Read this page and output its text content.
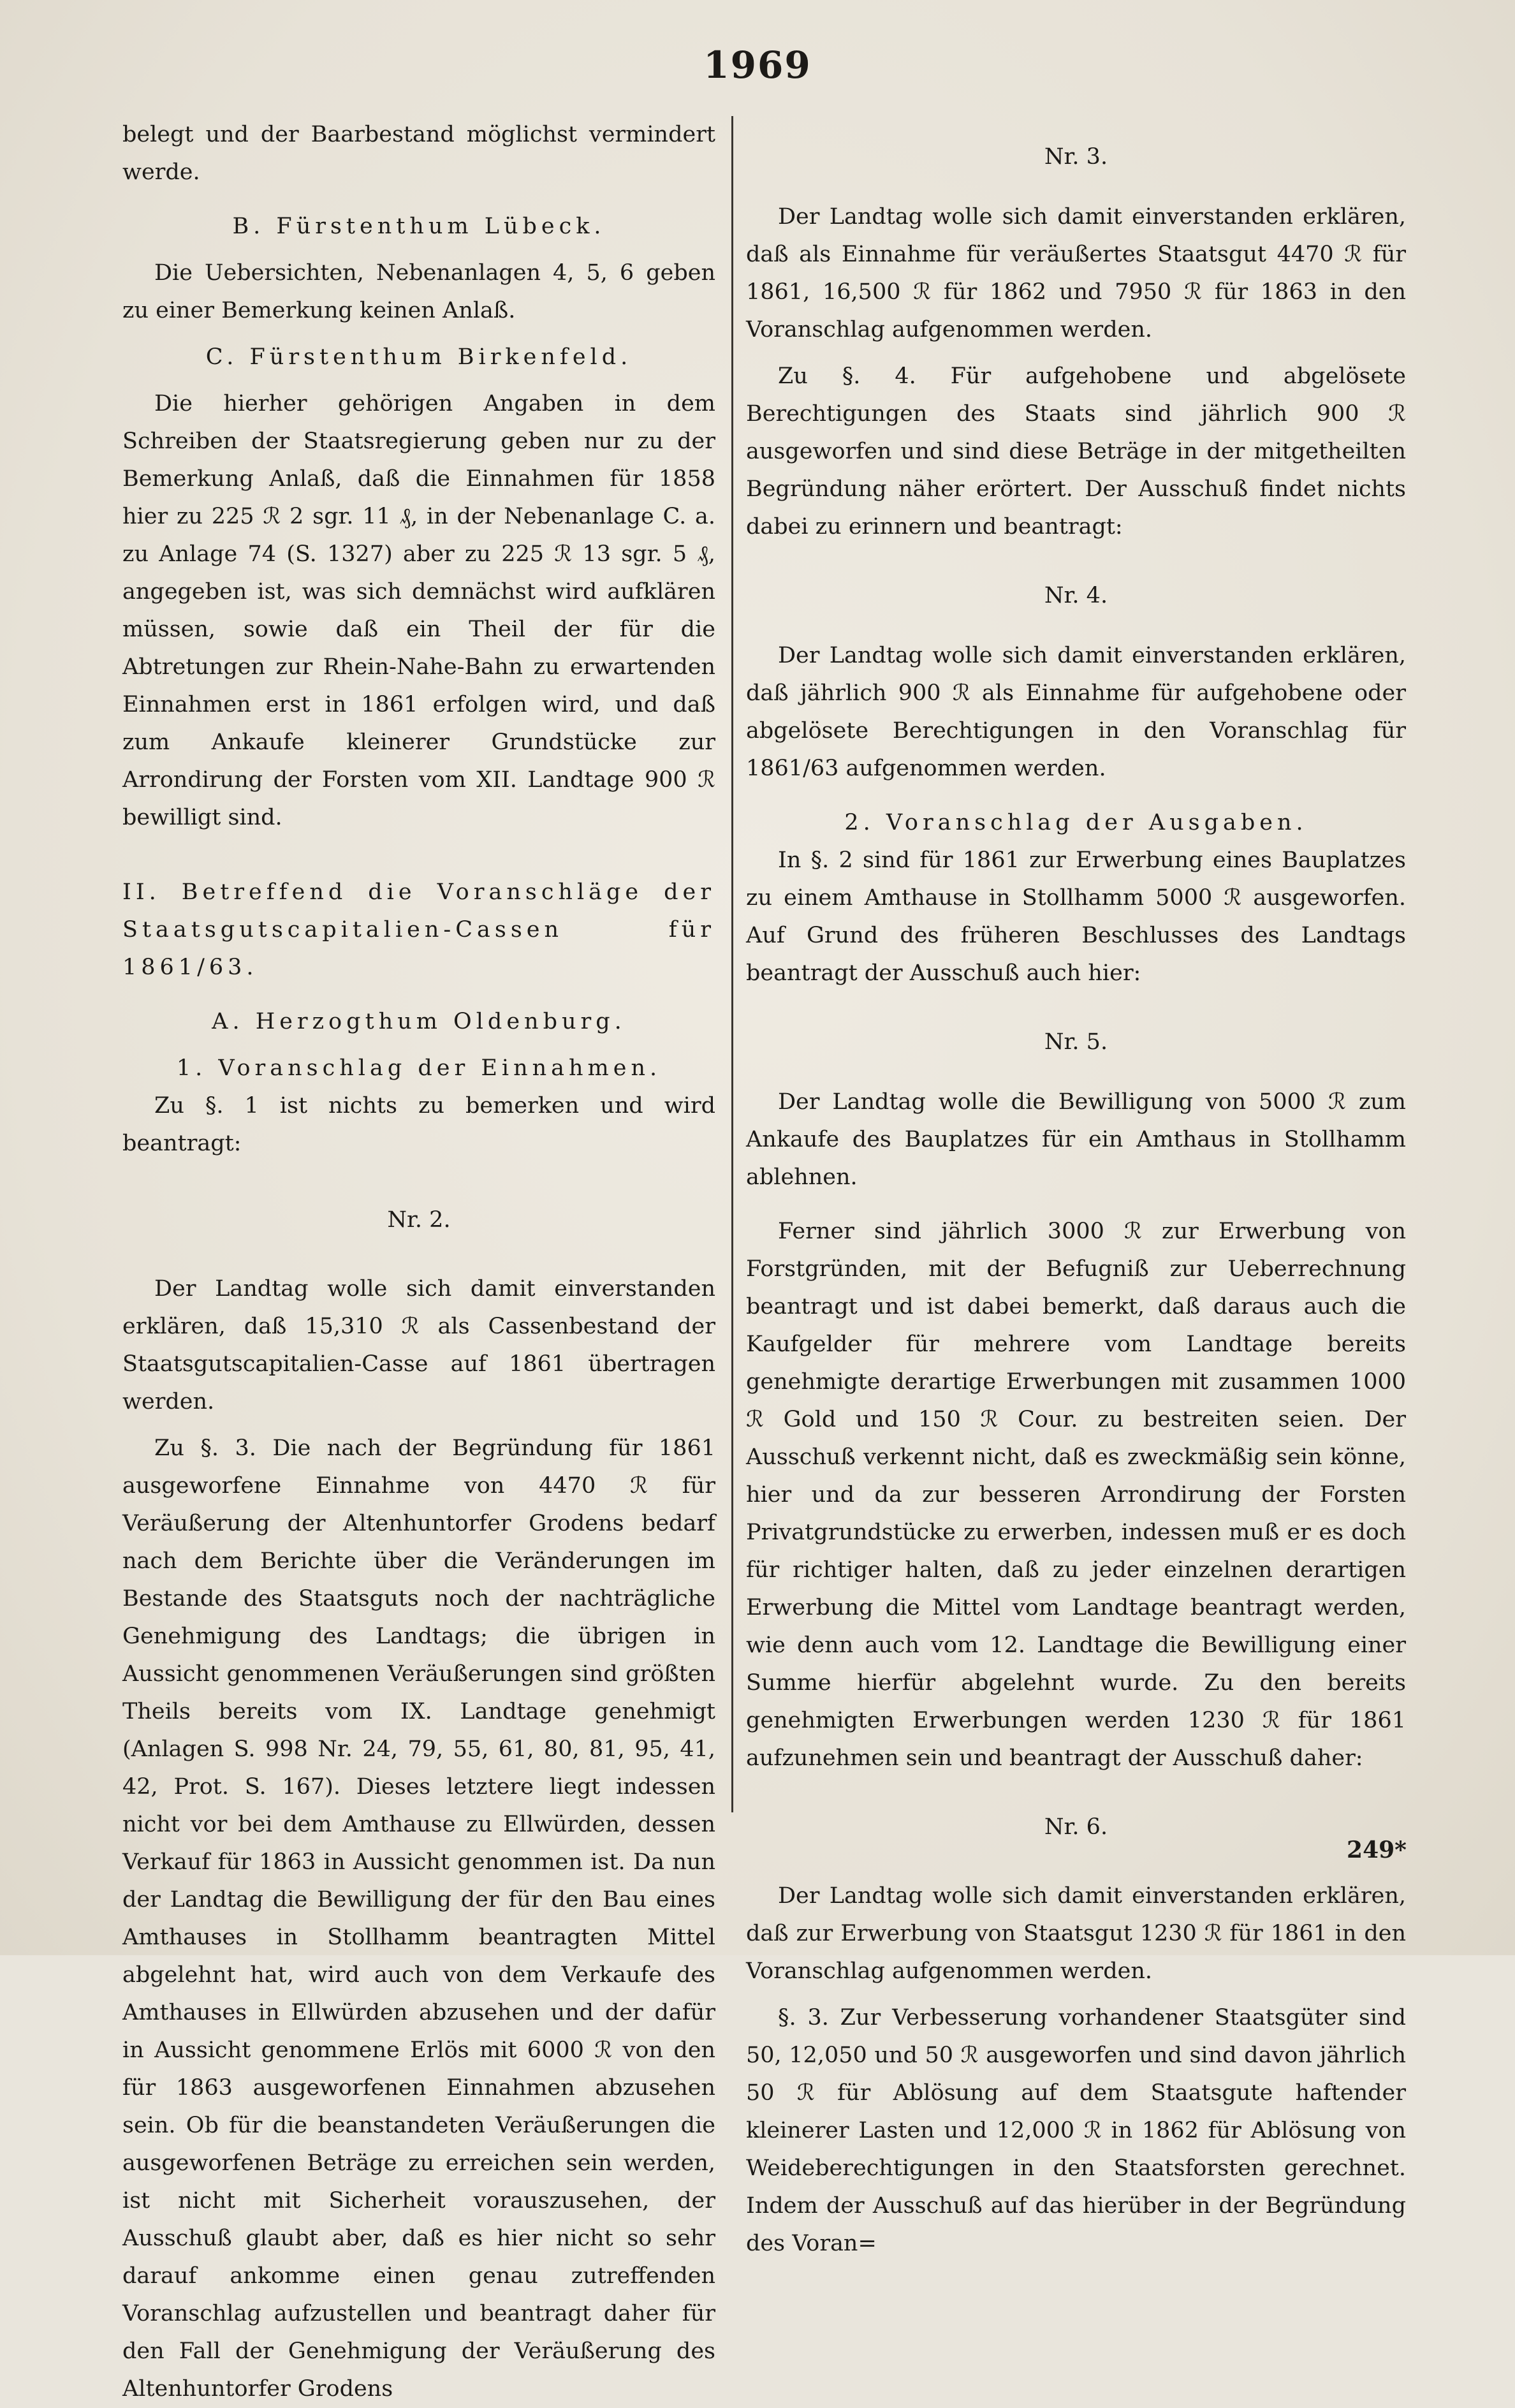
1969

belegt und der Baarbestand möglichst vermindert werde.

B. Fürstenthum Lübeck.

Die Uebersichten, Nebenanlagen 4, 5, 6 geben zu einer Bemerkung keinen Anlaß.

C. Fürstenthum Birkenfeld.

Die hierher gehörigen Angaben in dem Schreiben der Staatsregierung geben nur zu der Bemerkung Anlaß, daß die Einnahmen für 1858 hier zu 225 ℛ 2 sgr. 11 ₰, in der Nebenanlage C. a. zu Anlage 74 (S. 1327) aber zu 225 ℛ 13 sgr. 5 ₰, angegeben ist, was sich demnächst wird aufklären müssen, sowie daß ein Theil der für die Abtretungen zur Rhein-Nahe-Bahn zu erwartenden Einnahmen erst in 1861 erfolgen wird, und daß zum Ankaufe kleinerer Grundstücke zur Arrondirung der Forsten vom XII. Landtage 900 ℛ bewilligt sind.

II. Betreffend die Voranschläge der Staatsgutscapitalien-Cassen für 1861/63.

A. Herzogthum Oldenburg.

1. Voranschlag der Einnahmen.

Zu §. 1 ist nichts zu bemerken und wird beantragt:

Nr. 2.

Der Landtag wolle sich damit einverstanden erklären, daß 15,310 ℛ als Cassenbestand der Staatsgutscapitalien-Casse auf 1861 übertragen werden.

Zu §. 3. Die nach der Begründung für 1861 ausgeworfene Einnahme von 4470 ℛ für Veräußerung der Altenhuntorfer Grodens bedarf nach dem Berichte über die Veränderungen im Bestande des Staatsguts noch der nachträgliche Genehmigung des Landtags; die übrigen in Aussicht genommenen Veräußerungen sind größten Theils bereits vom IX. Landtage genehmigt (Anlagen S. 998 Nr. 24, 79, 55, 61, 80, 81, 95, 41, 42, Prot. S. 167). Dieses letztere liegt indessen nicht vor bei dem Amthause zu Ellwürden, dessen Verkauf für 1863 in Aussicht genommen ist. Da nun der Landtag die Bewilligung der für den Bau eines Amthauses in Stollhamm beantragten Mittel abgelehnt hat, wird auch von dem Verkaufe des Amthauses in Ellwürden abzusehen und der dafür in Aussicht genommene Erlös mit 6000 ℛ von den für 1863 ausgeworfenen Einnahmen abzusehen sein. Ob für die beanstandeten Veräußerungen die ausgeworfenen Beträge zu erreichen sein werden, ist nicht mit Sicherheit vorauszusehen, der Ausschuß glaubt aber, daß es hier nicht so sehr darauf ankomme einen genau zutreffenden Voranschlag aufzustellen und beantragt daher für den Fall der Genehmigung der Veräußerung des Altenhuntorfer Grodens

Nr. 3.

Der Landtag wolle sich damit einverstanden erklären, daß als Einnahme für veräußertes Staatsgut 4470 ℛ für 1861, 16,500 ℛ für 1862 und 7950 ℛ für 1863 in den Voranschlag aufgenommen werden.

Zu §. 4. Für aufgehobene und abgelösete Berechtigungen des Staats sind jährlich 900 ℛ ausgeworfen und sind diese Beträge in der mitgetheilten Begründung näher erörtert. Der Ausschuß findet nichts dabei zu erinnern und beantragt:

Nr. 4.

Der Landtag wolle sich damit einverstanden erklären, daß jährlich 900 ℛ als Einnahme für aufgehobene oder abgelösete Berechtigungen in den Voranschlag für 1861/63 aufgenommen werden.

2. Voranschlag der Ausgaben.

In §. 2 sind für 1861 zur Erwerbung eines Bauplatzes zu einem Amthause in Stollhamm 5000 ℛ ausgeworfen. Auf Grund des früheren Beschlusses des Landtags beantragt der Ausschuß auch hier:

Nr. 5.

Der Landtag wolle die Bewilligung von 5000 ℛ zum Ankaufe des Bauplatzes für ein Amthaus in Stollhamm ablehnen.

Ferner sind jährlich 3000 ℛ zur Erwerbung von Forstgründen, mit der Befugniß zur Ueberrechnung beantragt und ist dabei bemerkt, daß daraus auch die Kaufgelder für mehrere vom Landtage bereits genehmigte derartige Erwerbungen mit zusammen 1000 ℛ Gold und 150 ℛ Cour. zu bestreiten seien. Der Ausschuß verkennt nicht, daß es zweckmäßig sein könne, hier und da zur besseren Arrondirung der Forsten Privatgrundstücke zu erwerben, indessen muß er es doch für richtiger halten, daß zu jeder einzelnen derartigen Erwerbung die Mittel vom Landtage beantragt werden, wie denn auch vom 12. Landtage die Bewilligung einer Summe hierfür abgelehnt wurde. Zu den bereits genehmigten Erwerbungen werden 1230 ℛ für 1861 aufzunehmen sein und beantragt der Ausschuß daher:

Nr. 6.

Der Landtag wolle sich damit einverstanden erklären, daß zur Erwerbung von Staatsgut 1230 ℛ für 1861 in den Voranschlag aufgenommen werden.

§. 3. Zur Verbesserung vorhandener Staatsgüter sind 50, 12,050 und 50 ℛ ausgeworfen und sind davon jährlich 50 ℛ für Ablösung auf dem Staatsgute haftender kleinerer Lasten und 12,000 ℛ in 1862 für Ablösung von Weideberechtigungen in den Staatsforsten gerechnet. Indem der Ausschuß auf das hierüber in der Begründung des Voran=

249*
